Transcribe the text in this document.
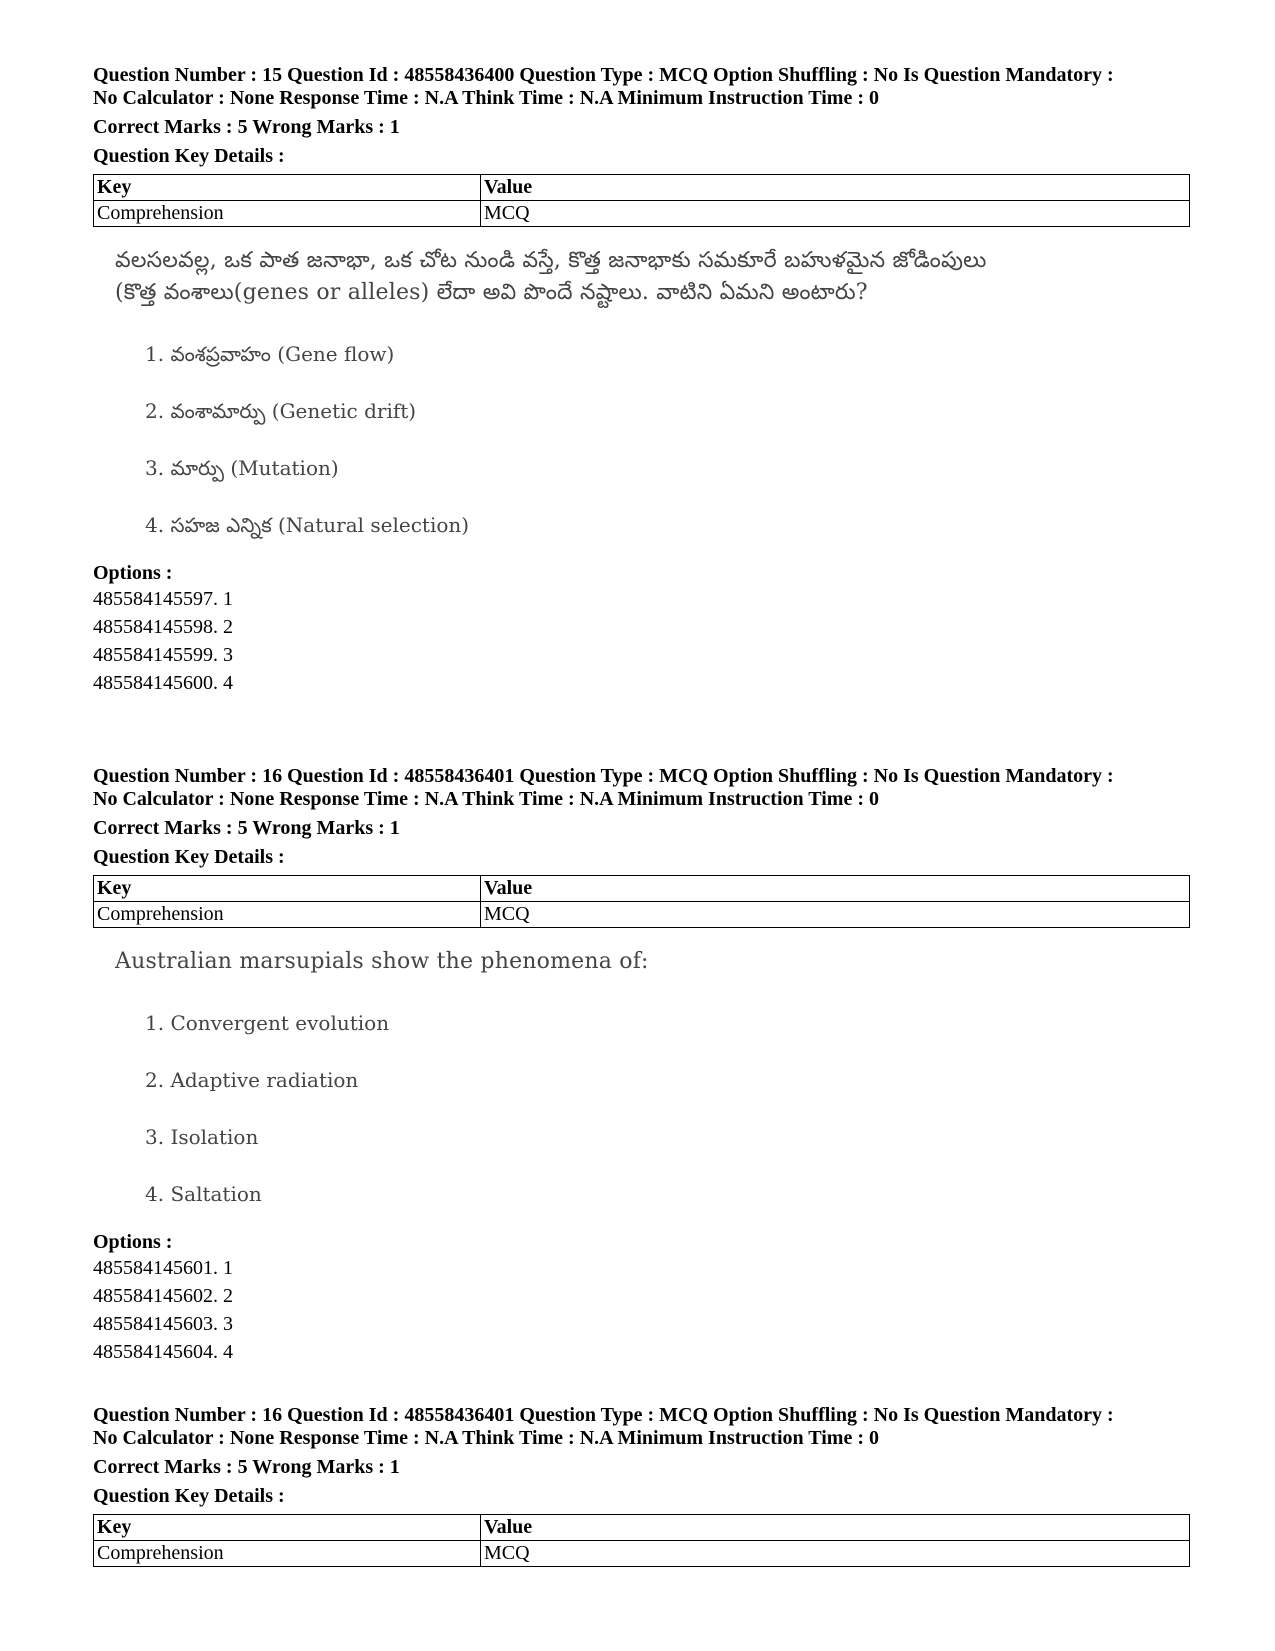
Question Number : 15 Question Id : 48558436400 Question Type : MCQ Option Shuffling : No Is Question Mandatory :

No Calculator : None Response Time : N.A Think Time : N.A Minimum Instruction Time : 0

Correct Marks : 5 Wrong Marks : 1
Question Key Details :
Key	Value
Comprehension	MCQ
వలసలవల్ల, ఒక పాత జనాభా, ఒక చోట నుండి వస్తే, కొత్త జనాభాకు సమకూరే బహుళమైన జోడింపులు
(కొత్త వంశాలు(genes or alleles) లేదా అవి పొందే నష్టాలు. వాటిని ఏమని అంటారు?
1. వంశప్రవాహం (Gene flow)
2. వంశామార్పు (Genetic drift)
3. మార్పు (Mutation)
4. సహజ ఎన్నిక (Natural selection)
Options :
485584145597. 1
485584145598. 2
485584145599. 3
485584145600. 4

Question Number : 16 Question Id : 48558436401 Question Type : MCQ Option Shuffling : No Is Question Mandatory :

No Calculator : None Response Time : N.A Think Time : N.A Minimum Instruction Time : 0

Correct Marks : 5 Wrong Marks : 1
Question Key Details :
Key	Value
Comprehension	MCQ
Australian marsupials show the phenomena of:
1. Convergent evolution
2. Adaptive radiation
3. Isolation
4. Saltation
Options :
485584145601. 1
485584145602. 2
485584145603. 3
485584145604. 4

Question Number : 16 Question Id : 48558436401 Question Type : MCQ Option Shuffling : No Is Question Mandatory :

No Calculator : None Response Time : N.A Think Time : N.A Minimum Instruction Time : 0

Correct Marks : 5 Wrong Marks : 1
Question Key Details :
Key	Value
Comprehension	MCQ
